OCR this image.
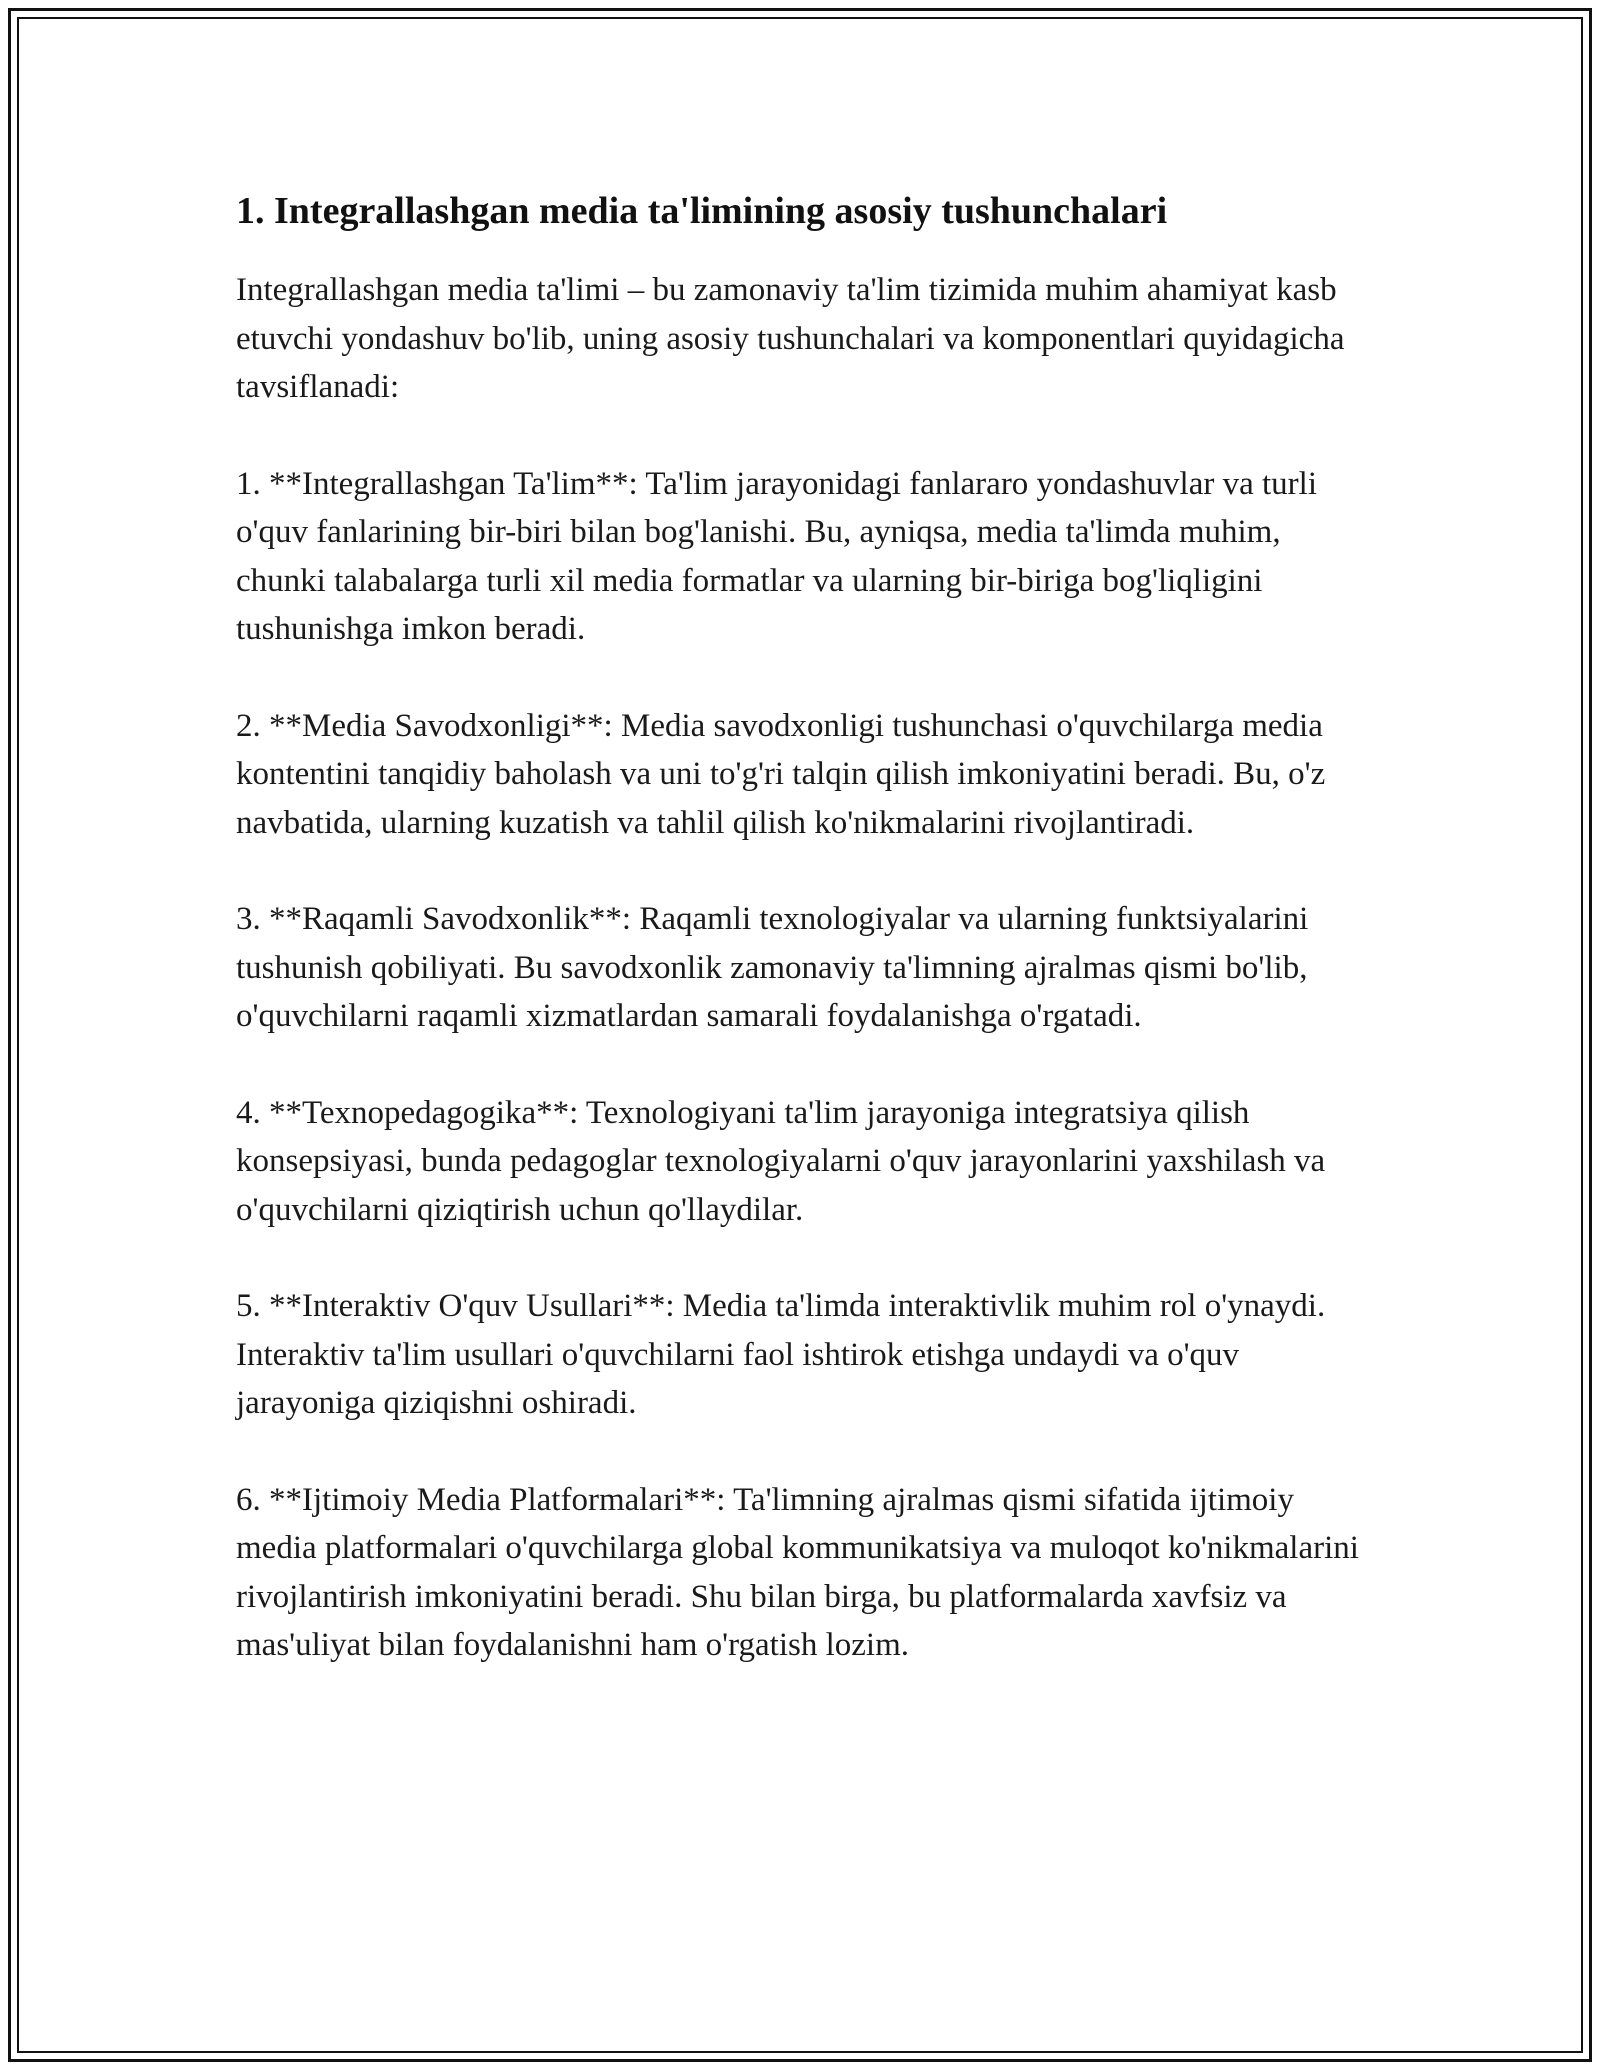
1. Integrallashgan media ta'limining asosiy tushunchalari

Integrallashgan media ta'limi – bu zamonaviy ta'lim tizimida muhim ahamiyat kasb etuvchi yondashuv bo'lib, uning asosiy tushunchalari va komponentlari quyidagicha tavsiflanadi:

1. **Integrallashgan Ta'lim**: Ta'lim jarayonidagi fanlararo yondashuvlar va turli o'quv fanlarining bir-biri bilan bog'lanishi. Bu, ayniqsa, media ta'limda muhim, chunki talabalarga turli xil media formatlar va ularning bir-biriga bog'liqligini tushunishga imkon beradi.

2. **Media Savodxonligi**: Media savodxonligi tushunchasi o'quvchilarga media kontentini tanqidiy baholash va uni to'g'ri talqin qilish imkoniyatini beradi. Bu, o'z navbatida, ularning kuzatish va tahlil qilish ko'nikmalarini rivojlantiradi.

3. **Raqamli Savodxonlik**: Raqamli texnologiyalar va ularning funktsiyalarini tushunish qobiliyati. Bu savodxonlik zamonaviy ta'limning ajralmas qismi bo'lib, o'quvchilarni raqamli xizmatlardan samarali foydalanishga o'rgatadi.

4. **Texnopedagogika**: Texnologiyani ta'lim jarayoniga integratsiya qilish konsepsiyasi, bunda pedagoglar texnologiyalarni o'quv jarayonlarini yaxshilash va o'quvchilarni qiziqtirish uchun qo'llaydilar.

5. **Interaktiv O'quv Usullari**: Media ta'limda interaktivlik muhim rol o'ynaydi. Interaktiv ta'lim usullari o'quvchilarni faol ishtirok etishga undaydi va o'quv jarayoniga qiziqishni oshiradi.

6. **Ijtimoiy Media Platformalari**: Ta'limning ajralmas qismi sifatida ijtimoiy media platformalari o'quvchilarga global kommunikatsiya va muloqot ko'nikmalarini rivojlantirish imkoniyatini beradi. Shu bilan birga, bu platformalarda xavfsiz va mas'uliyat bilan foydalanishni ham o'rgatish lozim.
